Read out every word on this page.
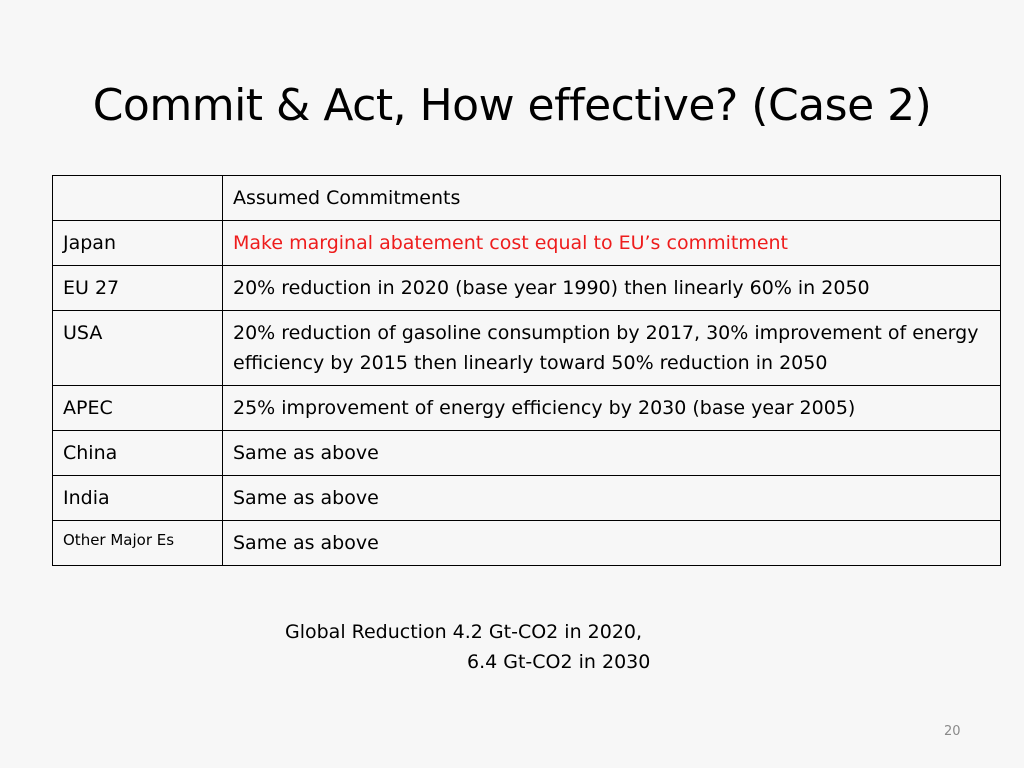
Commit & Act, How effective? (Case 2)
	Assumed Commitments
Japan	Make marginal abatement cost equal to EU’s commitment
EU 27	20% reduction in 2020 (base year 1990) then linearly 60% in 2050
USA	20% reduction of gasoline consumption by 2017, 30% improvement of energy efficiency by 2015 then linearly toward 50% reduction in 2050
APEC	25% improvement of energy efficiency by 2030 (base year 2005)
China	Same as above
India	Same as above
Other Major Es	Same as above
Global Reduction 4.2 Gt-CO2 in 2020,
6.4 Gt-CO2 in 2030
20
